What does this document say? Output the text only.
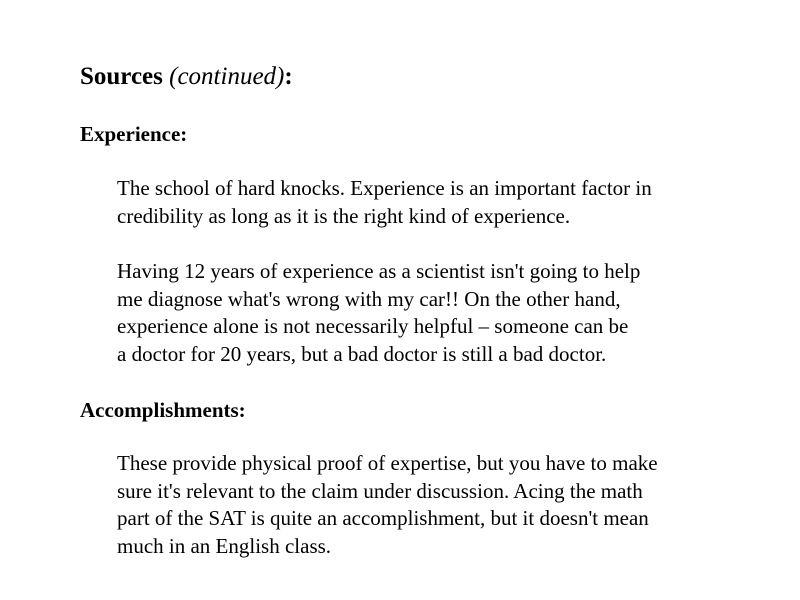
Sources (continued):
Experience:

The school of hard knocks. Experience is an important factor in
credibility as long as it is the right kind of experience.

Having 12 years of experience as a scientist isn't going to help
me diagnose what's wrong with my car!! On the other hand,
experience alone is not necessarily helpful – someone can be
a doctor for 20 years, but a bad doctor is still a bad doctor.

Accomplishments:

These provide physical proof of expertise, but you have to make
sure it's relevant to the claim under discussion. Acing the math
part of the SAT is quite an accomplishment, but it doesn't mean
much in an English class.
